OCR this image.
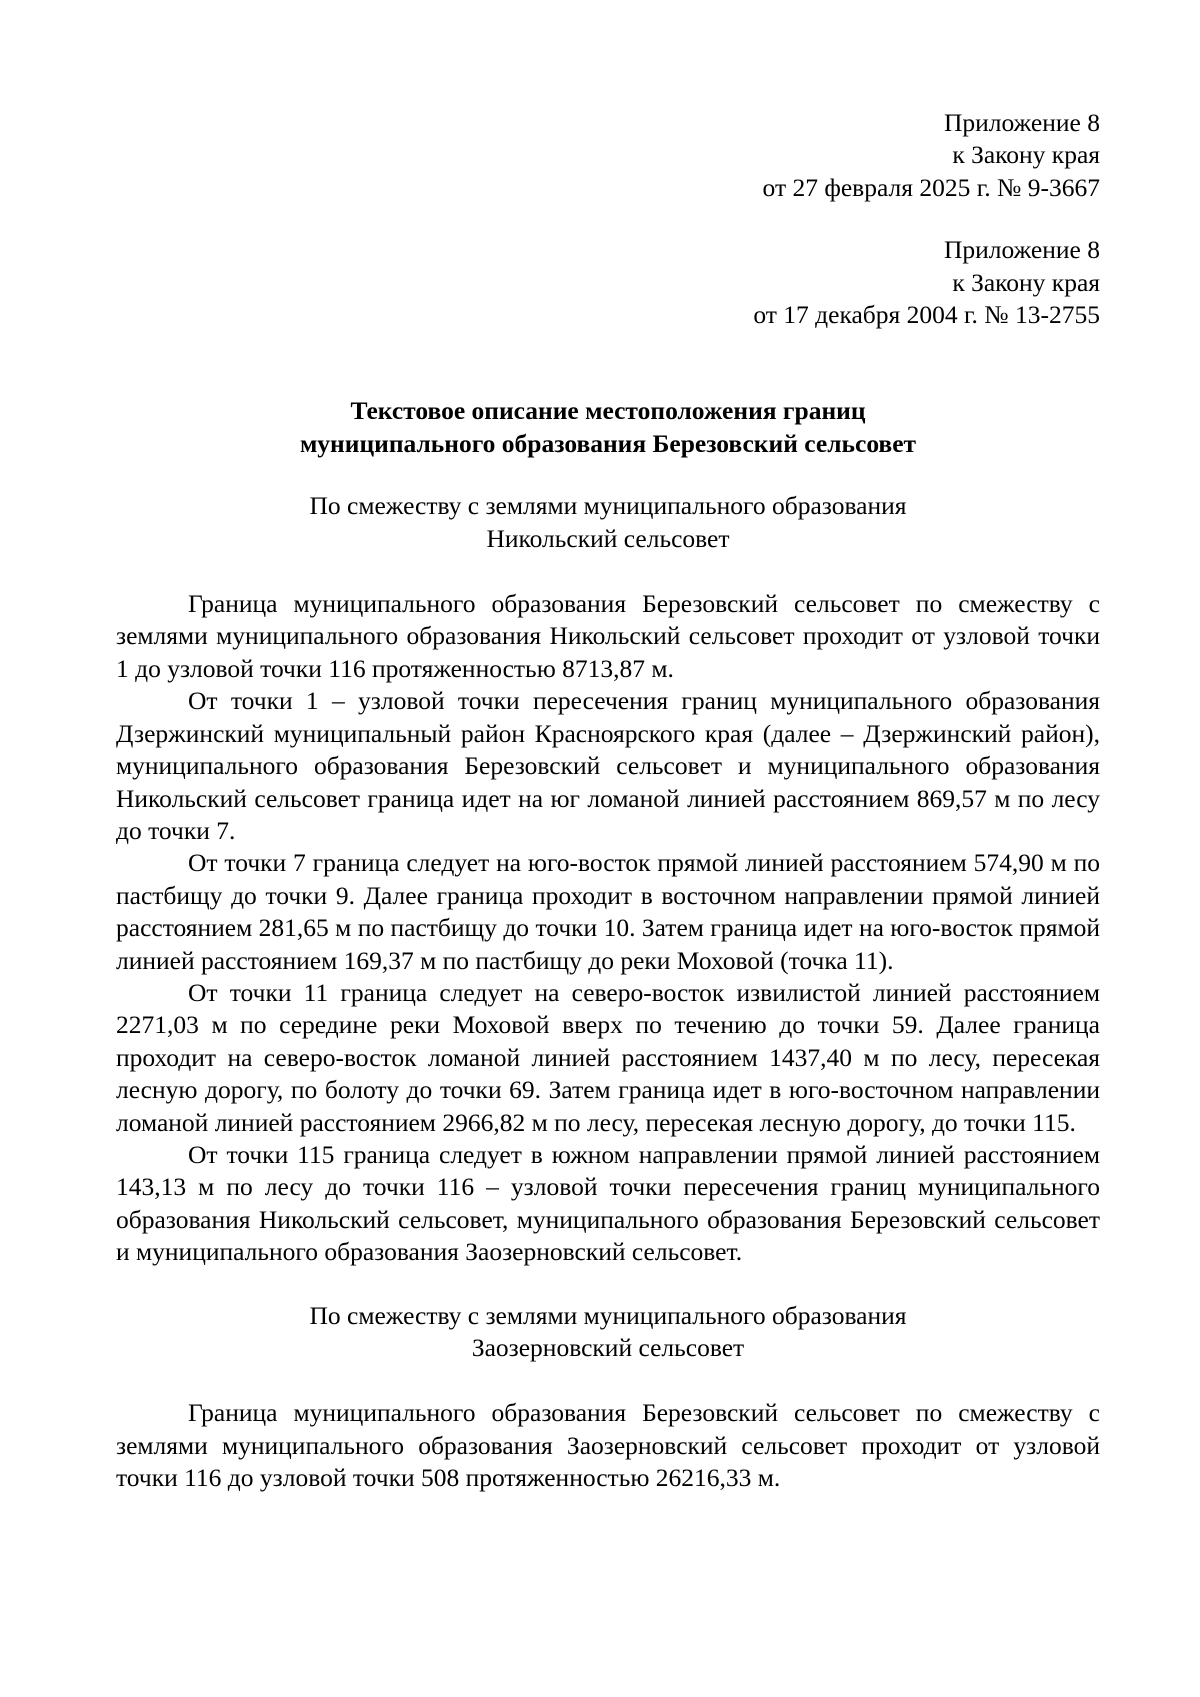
Приложение 8
к Закону края
от 27 февраля 2025 г. № 9-3667
Приложение 8
к Закону края
от 17 декабря 2004 г. № 13-2755
Текстовое описание местоположения границ
муниципального образования Березовский сельсовет
По смежеству с землями муниципального образования
Никольский сельсовет

Граница муниципального образования Березовский сельсовет по смежеству с землями муниципального образования Никольский сельсовет проходит от узловой точки 1 до узловой точки 116 протяженностью 8713,87 м.

От точки 1 – узловой точки пересечения границ муниципального образования Дзержинский муниципальный район Красноярского края (далее – Дзержинский район), муниципального образования Березовский сельсовет и муниципального образования Никольский сельсовет граница идет на юг ломаной линией расстоянием 869,57 м по лесу до точки 7.

От точки 7 граница следует на юго-восток прямой линией расстоянием 574,90 м по пастбищу до точки 9. Далее граница проходит в восточном направлении прямой линией расстоянием 281,65 м по пастбищу до точки 10. Затем граница идет на юго-восток прямой линией расстоянием 169,37 м по пастбищу до реки Моховой (точка 11).

От точки 11 граница следует на северо-восток извилистой линией расстоянием 2271,03 м по середине реки Моховой вверх по течению до точки 59. Далее граница проходит на северо-восток ломаной линией расстоянием 1437,40 м по лесу, пересекая лесную дорогу, по болоту до точки 69. Затем граница идет в юго-восточном направлении ломаной линией расстоянием 2966,82 м по лесу, пересекая лесную дорогу, до точки 115.

От точки 115 граница следует в южном направлении прямой линией расстоянием 143,13 м по лесу до точки 116 – узловой точки пересечения границ муниципального образования Никольский сельсовет, муниципального образования Березовский сельсовет и муниципального образования Заозерновский сельсовет.

По смежеству с землями муниципального образования
Заозерновский сельсовет

Граница муниципального образования Березовский сельсовет по смежеству с землями муниципального образования Заозерновский сельсовет проходит от узловой точки 116 до узловой точки 508 протяженностью 26216,33 м.
